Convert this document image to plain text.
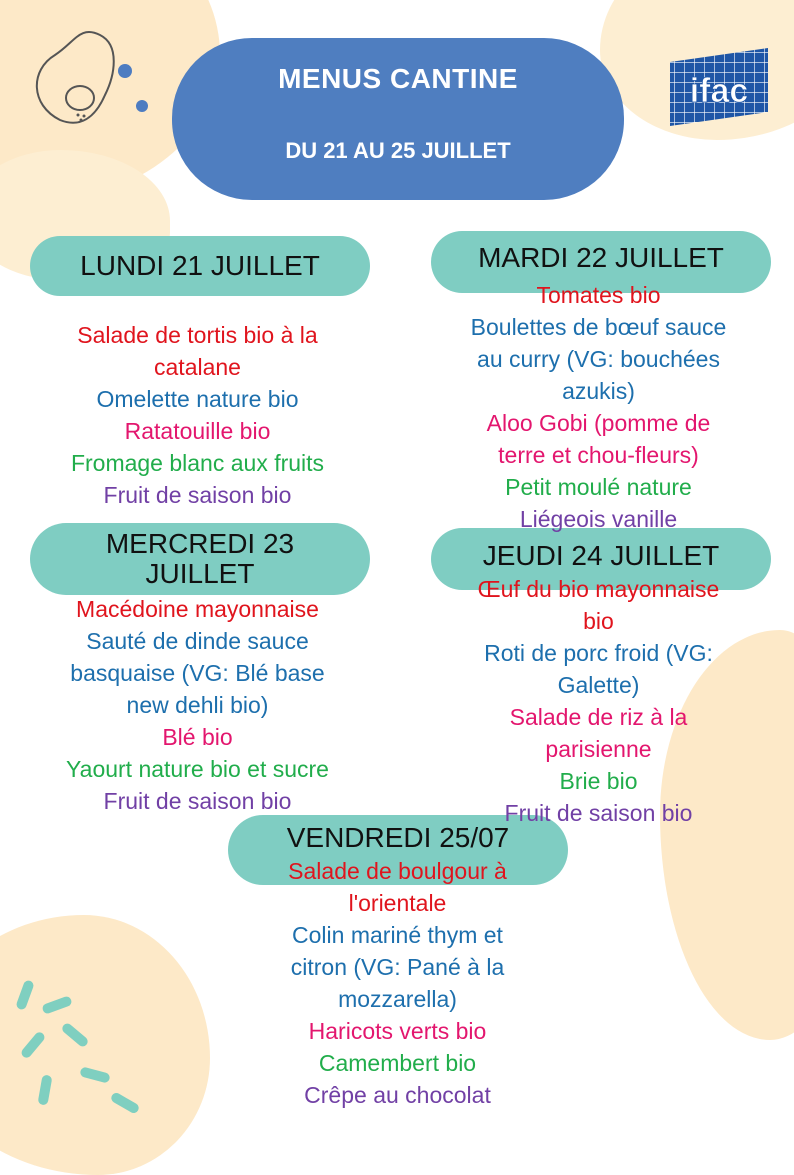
MENUS CANTINE
DU 21 AU 25 JUILLET
ifac
LUNDI 21 JUILLET
Salade de tortis bio à la
catalane
Omelette nature bio
Ratatouille bio
Fromage blanc aux fruits
Fruit de saison bio
MARDI 22 JUILLET
Tomates bio
Boulettes de bœuf sauce
au curry (VG: bouchées
azukis)
Aloo Gobi (pomme de
terre et chou-fleurs)
Petit moulé nature
Liégeois vanille
MERCREDI 23
JUILLET
Macédoine mayonnaise
Sauté de dinde sauce
basquaise (VG: Blé base
new dehli bio)
Blé bio
Yaourt nature bio et sucre
Fruit de saison bio
JEUDI 24 JUILLET
Œuf du bio mayonnaise
bio
Roti de porc froid (VG:
Galette)
Salade de riz à la
parisienne
Brie bio
Fruit de saison bio
VENDREDI 25/07
Salade de boulgour à
l'orientale
Colin mariné thym et
citron (VG: Pané à la
mozzarella)
Haricots verts bio
Camembert bio
Crêpe au chocolat
